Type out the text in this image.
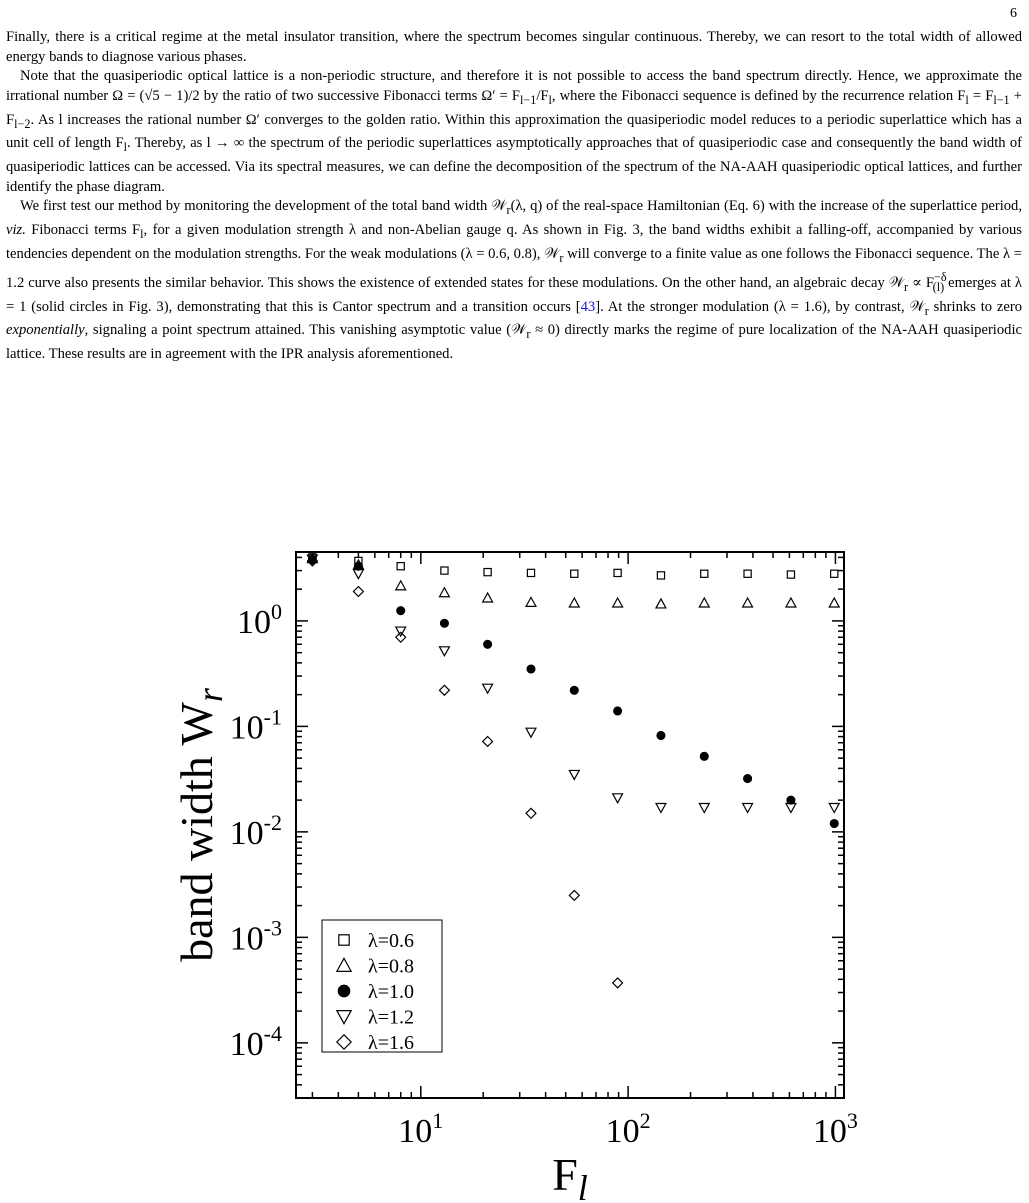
6

Finally, there is a critical regime at the metal insulator transition, where the spectrum becomes singular continuous. Thereby, we can resort to the total width of allowed energy bands to diagnose various phases.

Note that the quasiperiodic optical lattice is a non-periodic structure, and therefore it is not possible to access the band spectrum directly. Hence, we approximate the irrational number Ω = (√5 − 1)/2 by the ratio of two successive Fibonacci terms $\Omega' = F_{l-1}/F_l$, where the Fibonacci sequence is defined by the recurrence relation $F_l = F_{l-1} + F_{l-2}$. As l increases the rational number Ω′ converges to the golden ratio. Within this approximation the quasiperiodic model reduces to a periodic superlattice which has a unit cell of length $F_l$. Thereby, as l → ∞ the spectrum of the periodic superlattices asymptotically approaches that of quasiperiodic case and consequently the band width of quasiperiodic lattices can be accessed. Via its spectral measures, we can define the decomposition of the spectrum of the NA-AAH quasiperiodic optical lattices, and further identify the phase diagram.

We first test our method by monitoring the development of the total band width 𝒲$_r$(λ, q) of the real-space Hamiltonian (Eq. 6) with the increase of the superlattice period, viz. Fibonacci terms $F_l$, for a given modulation strength λ and non-Abelian gauge q. As shown in Fig. 3, the band widths exhibit a falling-off, accompanied by various tendencies dependent on the modulation strengths. For the weak modulations (λ = 0.6, 0.8), 𝒲$_r$ will converge to a finite value as one follows the Fibonacci sequence. The λ = 1.2 curve also presents the similar behavior. This shows the existence of extended states for these modulations. On the other hand, an algebraic decay 𝒲$_r$ ∝ $F^{-\delta}_{(l)}$ emerges at λ = 1 (solid circles in Fig. 3), demonstrating that this is Cantor spectrum and a transition occurs [43]. At the stronger modulation (λ = 1.6), by contrast, 𝒲$_r$ shrinks to zero exponentially, signaling a point spectrum attained. This vanishing asymptotic value (𝒲$_r$ ≈ 0) directly marks the regime of pure localization of the NA-AAH quasiperiodic lattice. These results are in agreement with the IPR analysis aforementioned.

$10^1$	$10^2$	$10^3$
$10^0$
$10^{-1}$
$10^{-2}$
$10^{-3}$
$10^{-4}$
$F_l$
band width $W_r$
λ=0.6
λ=0.8
λ=1.0
λ=1.2
λ=1.6
